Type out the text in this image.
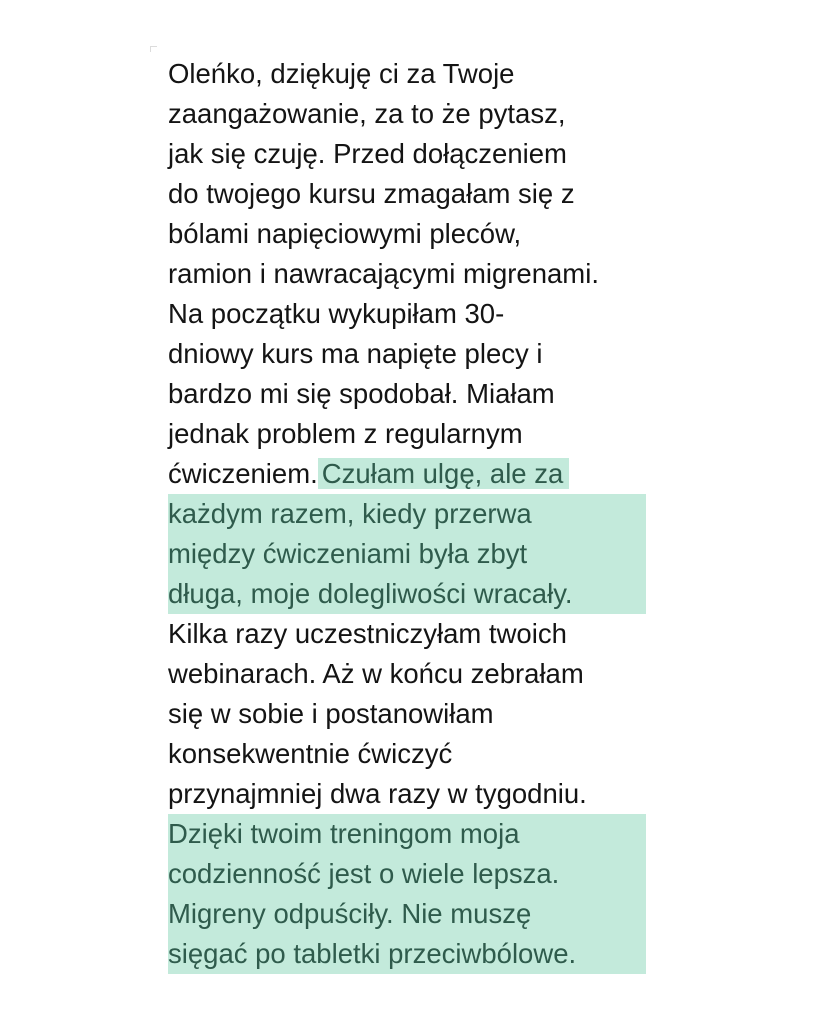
Oleńko, dziękuję ci za Twoje
zaangażowanie, za to że pytasz,
jak się czuję. Przed dołączeniem
do twojego kursu zmagałam się z
bólami napięciowymi pleców,
ramion i nawracającymi migrenami.
Na początku wykupiłam 30-
dniowy kurs ma napięte plecy i
bardzo mi się spodobał. Miałam
jednak problem z regularnym
ćwiczeniem. Czułam ulgę, ale za
każdym razem, kiedy przerwa
między ćwiczeniami była zbyt
długa, moje dolegliwości wracały.
Kilka razy uczestniczyłam twoich
webinarach. Aż w końcu zebrałam
się w sobie i postanowiłam
konsekwentnie ćwiczyć
przynajmniej dwa razy w tygodniu.
Dzięki twoim treningom moja
codzienność jest o wiele lepsza.
Migreny odpuściły. Nie muszę
sięgać po tabletki przeciwbólowe.
